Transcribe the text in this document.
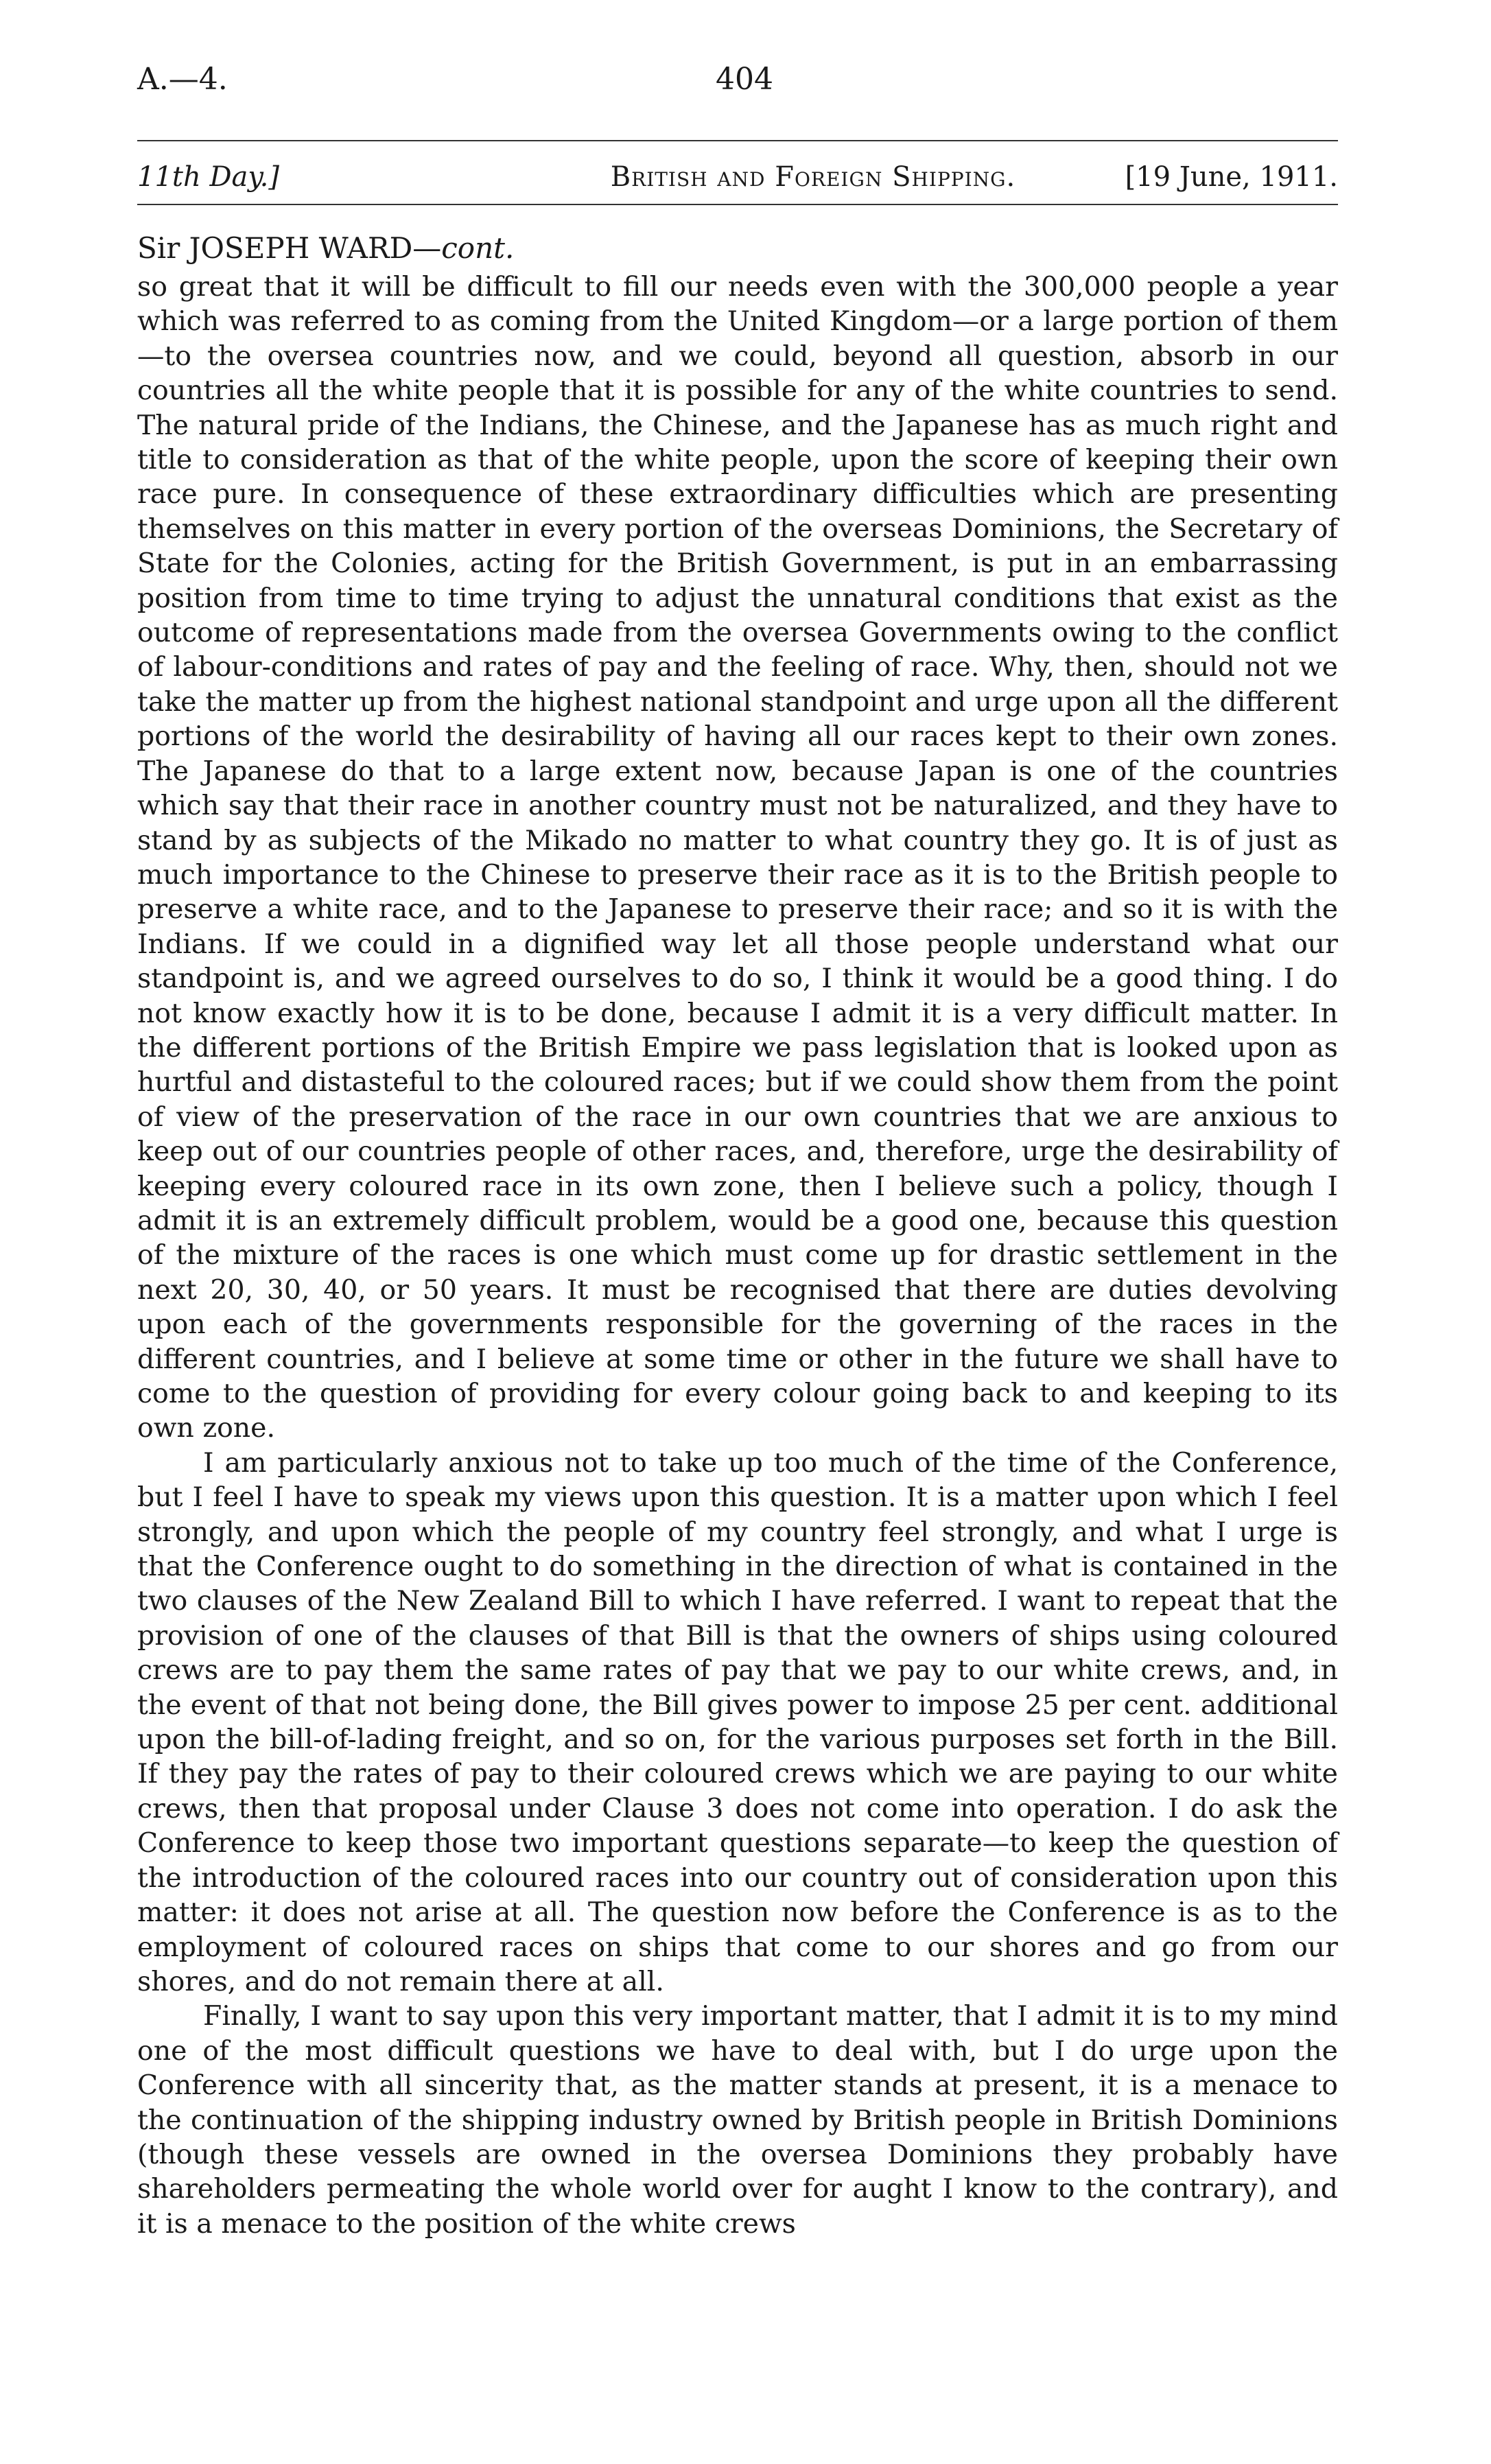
A.—4.	404
11th Day.]	British and Foreign Shipping.	[19 June, 1911.
Sir JOSEPH WARD—cont.

so great that it will be difficult to fill our needs even with the 300,000 people a year which was referred to as coming from the United Kingdom—or a large portion of them—to the oversea countries now, and we could, beyond all question, absorb in our countries all the white people that it is possible for any of the white countries to send. The natural pride of the Indians, the Chinese, and the Japanese has as much right and title to consideration as that of the white people, upon the score of keeping their own race pure. In consequence of these extraordinary difficulties which are presenting themselves on this matter in every portion of the overseas Dominions, the Secretary of State for the Colonies, acting for the British Government, is put in an embarrassing position from time to time trying to adjust the unnatural conditions that exist as the outcome of representations made from the oversea Governments owing to the conflict of labour-conditions and rates of pay and the feeling of race. Why, then, should not we take the matter up from the highest national standpoint and urge upon all the different portions of the world the desirability of having all our races kept to their own zones. The Japanese do that to a large extent now, because Japan is one of the countries which say that their race in another country must not be naturalized, and they have to stand by as subjects of the Mikado no matter to what country they go. It is of just as much importance to the Chinese to preserve their race as it is to the British people to preserve a white race, and to the Japanese to preserve their race; and so it is with the Indians. If we could in a dignified way let all those people understand what our standpoint is, and we agreed ourselves to do so, I think it would be a good thing. I do not know exactly how it is to be done, because I admit it is a very difficult matter. In the different portions of the British Empire we pass legislation that is looked upon as hurtful and distasteful to the coloured races; but if we could show them from the point of view of the preservation of the race in our own countries that we are anxious to keep out of our countries people of other races, and, therefore, urge the desirability of keeping every coloured race in its own zone, then I believe such a policy, though I admit it is an extremely difficult problem, would be a good one, because this question of the mixture of the races is one which must come up for drastic settlement in the next 20, 30, 40, or 50 years. It must be recognised that there are duties devolving upon each of the governments responsible for the governing of the races in the different countries, and I believe at some time or other in the future we shall have to come to the question of providing for every colour going back to and keeping to its own zone.

I am particularly anxious not to take up too much of the time of the Conference, but I feel I have to speak my views upon this question. It is a matter upon which I feel strongly, and upon which the people of my country feel strongly, and what I urge is that the Conference ought to do something in the direction of what is contained in the two clauses of the New Zealand Bill to which I have referred. I want to repeat that the provision of one of the clauses of that Bill is that the owners of ships using coloured crews are to pay them the same rates of pay that we pay to our white crews, and, in the event of that not being done, the Bill gives power to impose 25 per cent. additional upon the bill-of-lading freight, and so on, for the various purposes set forth in the Bill. If they pay the rates of pay to their coloured crews which we are paying to our white crews, then that proposal under Clause 3 does not come into operation. I do ask the Conference to keep those two important questions separate—to keep the question of the introduction of the coloured races into our country out of consideration upon this matter: it does not arise at all. The question now before the Conference is as to the employment of coloured races on ships that come to our shores and go from our shores, and do not remain there at all.

Finally, I want to say upon this very important matter, that I admit it is to my mind one of the most difficult questions we have to deal with, but I do urge upon the Conference with all sincerity that, as the matter stands at present, it is a menace to the continuation of the shipping industry owned by British people in British Dominions (though these vessels are owned in the oversea Dominions they probably have shareholders permeating the whole world over for aught I know to the contrary), and it is a menace to the position of the white crews
